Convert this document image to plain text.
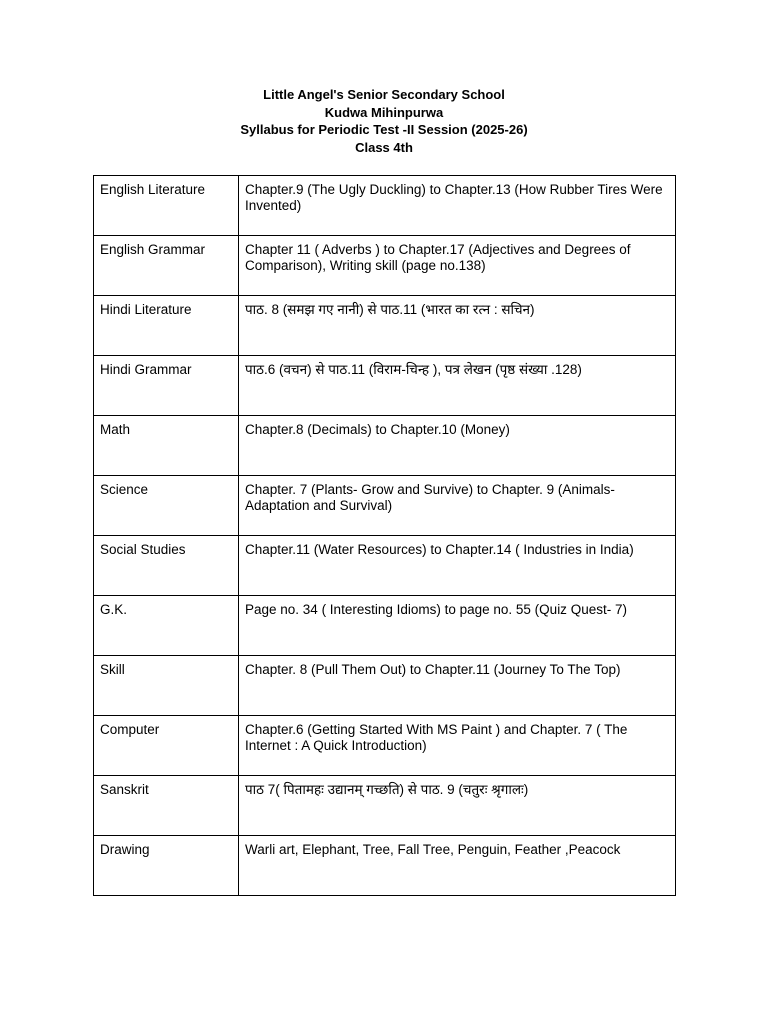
Little Angel's Senior Secondary School
Kudwa Mihinpurwa
Syllabus for Periodic Test -II Session (2025-26)
Class 4th
English Literature	Chapter.9 (The Ugly Duckling) to Chapter.13 (How Rubber Tires Were Invented)
English Grammar	Chapter 11 ( Adverbs ) to Chapter.17 (Adjectives and Degrees of Comparison), Writing skill (page no.138)
Hindi Literature	पाठ. 8 (समझ गए नानी) से पाठ.11 (भारत का रत्न : सचिन)
Hindi Grammar	पाठ.6 (वचन) से पाठ.11 (विराम-चिन्ह ), पत्र लेखन (पृष्ठ संख्या .128)
Math	Chapter.8 (Decimals) to Chapter.10 (Money)
Science	Chapter. 7 (Plants- Grow and Survive) to Chapter. 9 (Animals-Adaptation and Survival)
Social Studies	Chapter.11 (Water Resources) to Chapter.14 ( Industries in India)
G.K.	Page no. 34 ( Interesting Idioms) to page no. 55 (Quiz Quest- 7)
Skill	Chapter. 8 (Pull Them Out) to Chapter.11 (Journey To The Top)
Computer	Chapter.6 (Getting Started With MS Paint ) and Chapter. 7 ( The Internet : A Quick Introduction)
Sanskrit	पाठ 7( पितामहः उद्यानम् गच्छति) से पाठ. 9 (चतुरः श्रृगालः)
Drawing	Warli art, Elephant, Tree, Fall Tree, Penguin, Feather ,Peacock
